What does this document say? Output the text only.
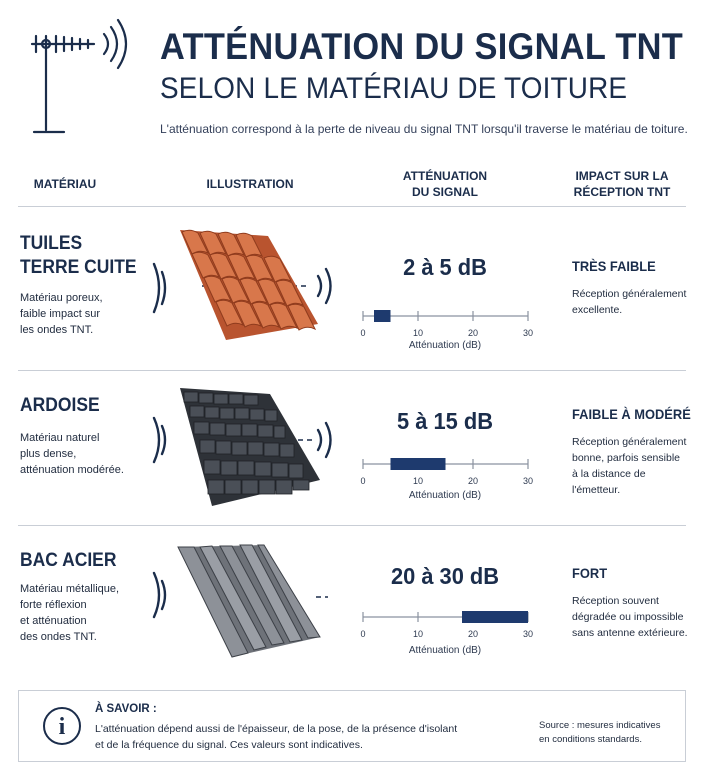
ATTÉNUATION DU SIGNAL TNT
SELON LE MATÉRIAU DE TOITURE
L'atténuation correspond à la perte de niveau du signal TNT lorsqu'il traverse le matériau de toiture.
MATÉRIAU	ILLUSTRATION
ATTÉNUATION
DU SIGNAL
IMPACT SUR LA
RÉCEPTION TNT
TUILES
TERRE CUITE
Matériau poreux,
faible impact sur
les ondes TNT.
2 à 5 dB
0	10	20	30
Atténuation (dB)
TRÈS FAIBLE
Réception généralement
excellente.
ARDOISE
Matériau naturel
plus dense,
atténuation modérée.
5 à 15 dB
0	10	20	30
Atténuation (dB)
FAIBLE À MODÉRÉ
Réception généralement
bonne, parfois sensible
à la distance de
l'émetteur.
BAC ACIER
Matériau métallique,
forte réflexion
et atténuation
des ondes TNT.
20 à 30 dB
0	10	20	30
Atténuation (dB)
FORT
Réception souvent
dégradée ou impossible
sans antenne extérieure.
i
À SAVOIR :
L'atténuation dépend aussi de l'épaisseur, de la pose, de la présence d'isolant
et de la fréquence du signal. Ces valeurs sont indicatives.
Source : mesures indicatives
en conditions standards.
